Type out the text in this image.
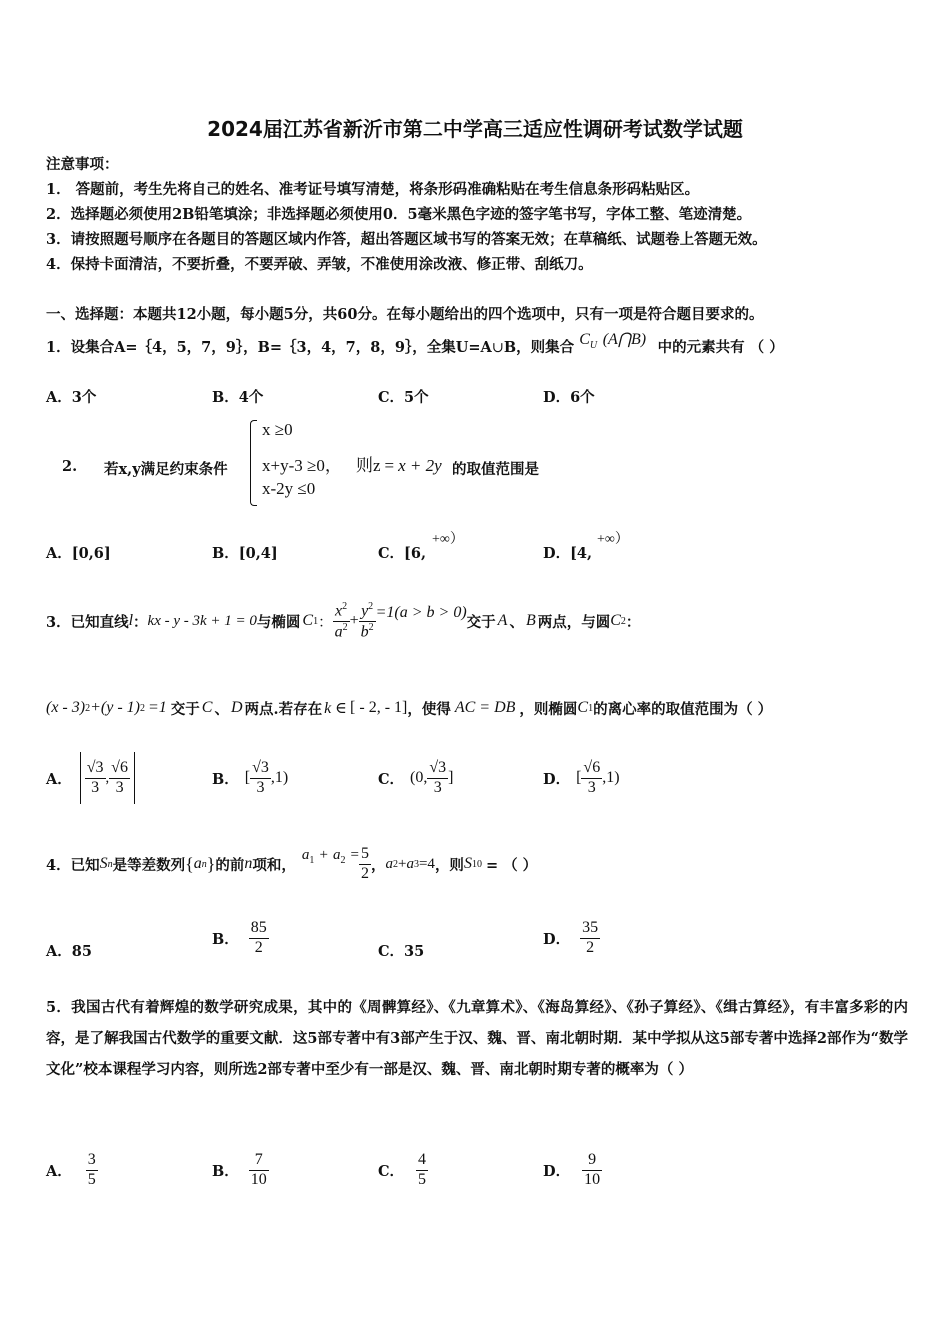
2024届江苏省新沂市第二中学高三适应性调研考试数学试题
注意事项：
1． 答题前，考生先将自己的姓名、准考证号填写清楚，将条形码准确粘贴在考生信息条形码粘贴区。
2．选择题必须使用2B铅笔填涂；非选择题必须使用0．5毫米黑色字迹的签字笔书写，字体工整、笔迹清楚。
3．请按照题号顺序在各题目的答题区域内作答，超出答题区域书写的答案无效；在草稿纸、试题卷上答题无效。
4．保持卡面清洁，不要折叠，不要弄破、弄皱，不准使用涂改液、修正带、刮纸刀。
一、选择题：本题共12小题，每小题5分，共60分。在每小题给出的四个选项中，只有一项是符合题目要求的。
1．设集合A=｛4，5，7，9｝，B=｛3，4，7，8，9｝，全集U=A∪B，则集合 $C_U$ (A⋂B) 中的元素共有 （ ）
A．3个	B．4个	C．5个	D．6个
2. 若x,y满足约束条件
x ≥0
x+y-3 ≥0，
x-2y ≤0
则z = x + 2y 的取值范围是
A．[0,6]	B．[0,4]	C．[6,
+∞）
D．[4,
+∞）
3．已知直线 l ： kx - y - 3k + 1 = 0 与椭圆 C 1 ： $\frac{x^2}{a^2} + \frac{y^2}{b^2} =1(a > b > 0)$
交于 A 、 B 两点，与圆 C 2 ：
(x - 3) 2 +(y - 1) 2 =1 交于 C 、 D 两点.若存在 k ∈ [ - 2, - 1] ，使得 AC = DB ，则椭圆 C 1 的离心率的取值范围为（ ）
A． $\frac{√3}{3}$ , $\frac{√6}{3}$	B． [ $\frac{√3}{3} ,1$)	C． (0, $\frac{√3}{3}$ ]	D． [ $\frac{√6}{3} ,1$)
4．已知 S n 是等差数列 { a n } 的前 n 项和，
$a_1 + a_2 = \frac{5}{2}$ ， a 2 + a 3 =4 ，则 S 10 = （ ）
A．85
B． $\frac{85}{2}$	C．35
D． $\frac{35}{2}$
5．我国古代有着辉煌的数学研究成果，其中的《周髀算经》、《九章算术》、《海岛算经》、《孙子算经》、《缉古算经》，有丰富多彩的内容，是了解我国古代数学的重要文献．这5部专著中有3部产生于汉、魏、晋、南北朝时期．某中学拟从这5部专著中选择2部作为“数学文化”校本课程学习内容，则所选2部专著中至少有一部是汉、魏、晋、南北朝时期专著的概率为（ ）
A． $\frac{3}{5}$	B． $\frac{7}{10}$	C． $\frac{4}{5}$	D． $\frac{9}{10}$
